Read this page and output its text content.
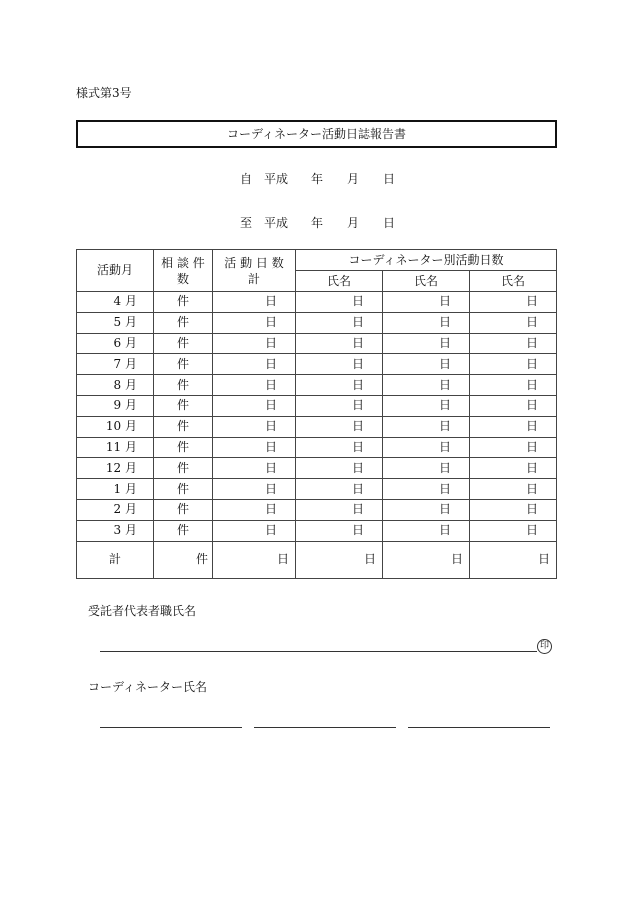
様式第3号
コーディネーター活動日誌報告書
自 平成 年 月 日
至 平成 年 月 日
活動月	相 談 件 数	活 動 日 数 計	コーディネーター別活動日数		
			氏名	氏名	氏名
4 月	件	日	日	日	日
5 月	件	日	日	日	日
6 月	件	日	日	日	日
7 月	件	日	日	日	日
8 月	件	日	日	日	日
9 月	件	日	日	日	日
10 月	件	日	日	日	日
11 月	件	日	日	日	日
12 月	件	日	日	日	日
1 月	件	日	日	日	日
2 月	件	日	日	日	日
3 月	件	日	日	日	日
計	件	日	日	日	日
受託者代表者職氏名
印
コーディネーター氏名
